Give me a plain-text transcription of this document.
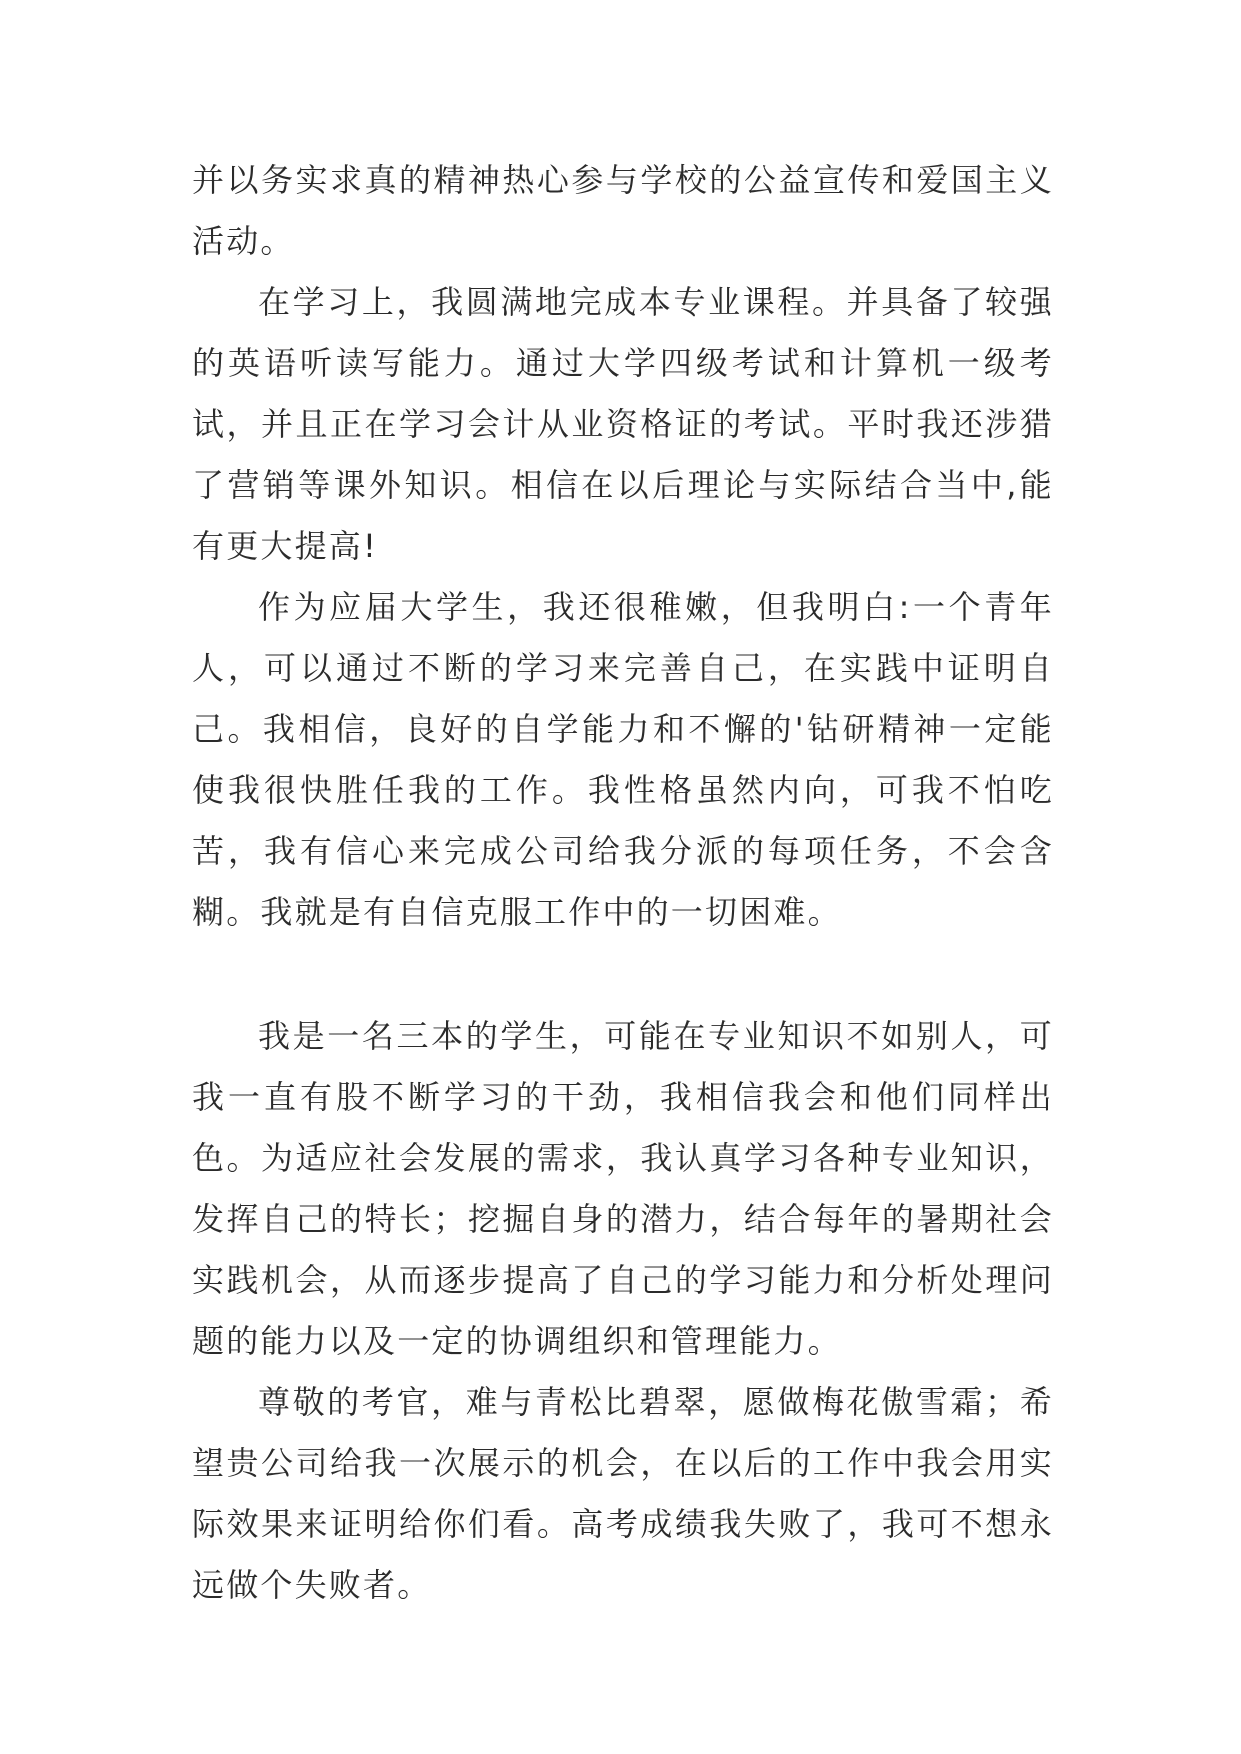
并以务实求真的精神热心参与学校的公益宣传和爱国主义活动。

在学习上，我圆满地完成本专业课程。并具备了较强的英语听读写能力。通过大学四级考试和计算机一级考试，并且正在学习会计从业资格证的考试。平时我还涉猎了营销等课外知识。相信在以后理论与实际结合当中,能有更大提高!

作为应届大学生，我还很稚嫩，但我明白:一个青年人，可以通过不断的学习来完善自己，在实践中证明自己。我相信，良好的自学能力和不懈的'钻研精神一定能使我很快胜任我的工作。我性格虽然内向，可我不怕吃苦，我有信心来完成公司给我分派的每项任务，不会含糊。我就是有自信克服工作中的一切困难。

我是一名三本的学生，可能在专业知识不如别人，可我一直有股不断学习的干劲，我相信我会和他们同样出色。为适应社会发展的需求，我认真学习各种专业知识，发挥自己的特长；挖掘自身的潜力，结合每年的暑期社会实践机会，从而逐步提高了自己的学习能力和分析处理问题的能力以及一定的协调组织和管理能力。

尊敬的考官，难与青松比碧翠，愿做梅花傲雪霜；希望贵公司给我一次展示的机会，在以后的工作中我会用实际效果来证明给你们看。高考成绩我失败了，我可不想永远做个失败者。
